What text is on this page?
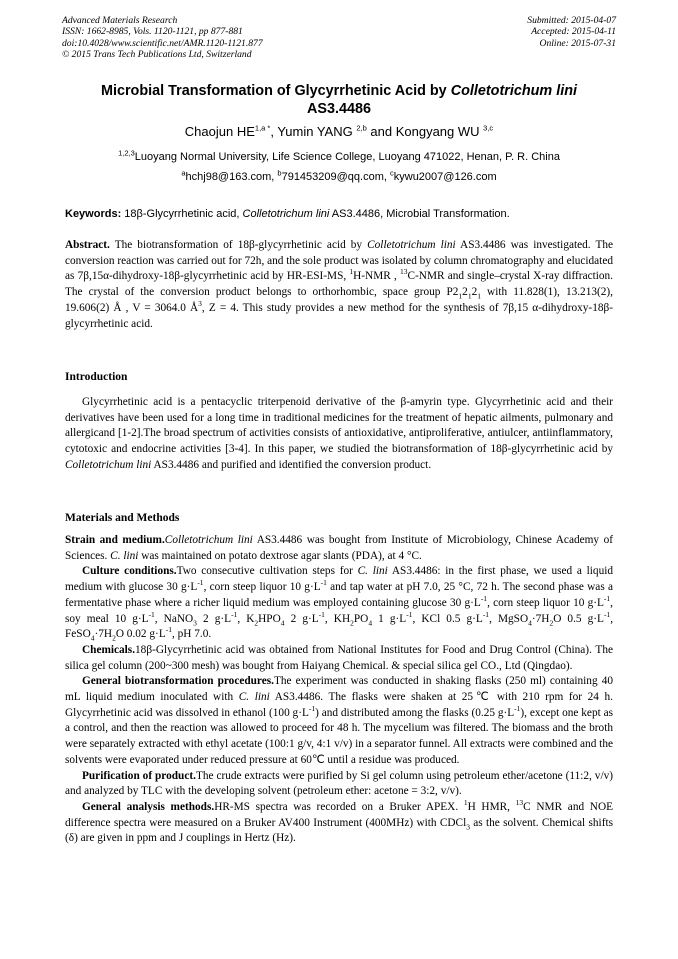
Advanced Materials Research
ISSN: 1662-8985, Vols. 1120-1121, pp 877-881
doi:10.4028/www.scientific.net/AMR.1120-1121.877
© 2015 Trans Tech Publications Ltd, Switzerland
Submitted: 2015-04-07
Accepted: 2015-04-11
Online: 2015-07-31
Microbial Transformation of Glycyrrhetinic Acid by Colletotrichum lini
AS3.4486
Chaojun $HE^{1,a *}$, Yumin YANG $^{2,b}$ and Kongyang WU $^{3,c}$
$^{1,2,3}$Luoyang Normal University, Life Science College, Luoyang 471022, Henan, P. R. China
$^a$hchj98@163.com, $^b$791453209@qq.com, $^c$kywu2007@126.com
Keywords: 18β-Glycyrrhetinic acid, Colletotrichum lini AS3.4486, Microbial Transformation.

Abstract. The biotransformation of 18β-glycyrrhetinic acid by Colletotrichum lini AS3.4486 was investigated. The conversion reaction was carried out for 72h, and the sole product was isolated by column chromatography and elucidated as 7β,15α-dihydroxy-18β-glycyrrhetinic acid by HR-ESI-MS, $^1$H-NMR , $^{13}$C-NMR and single–crystal X-ray diffraction. The crystal of the conversion product belongs to orthorhombic, space group $P2_12_12_1$ with 11.828(1), 13.213(2), 19.606(2) Å , V = 3064.0 $Å^3$, Z = 4. This study provides a new method for the synthesis of 7β,15 α-dihydroxy-18β-glycyrrhetinic acid.

Introduction

Glycyrrhetinic acid is a pentacyclic triterpenoid derivative of the β-amyrin type. Glycyrrhetinic acid and their derivatives have been used for a long time in traditional medicines for the treatment of hepatic ailments, pulmonary and allergicand [1-2].The broad spectrum of activities consists of antioxidative, antiproliferative, antiulcer, antiinflammatory, cytotoxic and endocrine activities [3-4]. In this paper, we studied the biotransformation of 18β-glycyrrhetinic acid by Colletotrichum lini AS3.4486 and purified and identified the conversion product.

Materials and Methods

Strain and medium.Colletotrichum lini AS3.4486 was bought from Institute of Microbiology, Chinese Academy of Sciences. C. lini was maintained on potato dextrose agar slants (PDA), at 4 °C.

Culture conditions.Two consecutive cultivation steps for C. lini AS3.4486: in the first phase, we used a liquid medium with glucose 30 $g\cdot L^{-1}$, corn steep liquor 10 $g\cdot L^{-1}$ and tap water at pH 7.0, 25 °C, 72 h. The second phase was a fermentative phase where a richer liquid medium was employed containing glucose 30 $g\cdot L^{-1}$, corn steep liquor 10 $g\cdot L^{-1}$, soy meal 10 $g\cdot L^{-1}$, NaNO$_3$ 2 $g\cdot L^{-1}$, $K_2HPO_4$ 2 $g\cdot L^{-1}$, $KH_2PO_4$ 1 $g\cdot L^{-1}$, KCl 0.5 $g\cdot L^{-1}$, $MgSO_4\cdot 7H_2O$ 0.5 $g\cdot L^{-1}$, $FeSO_4\cdot 7H_2O$ 0.02 $g\cdot L^{-1}$, pH 7.0.

Chemicals.18β-Glycyrrhetinic acid was obtained from National Institutes for Food and Drug Control (China). The silica gel column (200~300 mesh) was bought from Haiyang Chemical. & special silica gel CO., Ltd (Qingdao).

General biotransformation procedures.The experiment was conducted in shaking flasks (250 ml) containing 40 mL liquid medium inoculated with C. lini AS3.4486. The flasks were shaken at 25℃ with 210 rpm for 24 h. Glycyrrhetinic acid was dissolved in ethanol (100 $g\cdot L^{-1}$) and distributed among the flasks (0.25 $g\cdot L^{-1}$), except one kept as a control, and then the reaction was allowed to proceed for 48 h. The mycelium was filtered. The biomass and the broth were separately extracted with ethyl acetate (100:1 g/v, 4:1 v/v) in a separator funnel. All extracts were combined and the solvents were evaporated under reduced pressure at 60℃ until a residue was produced.

Purification of product.The crude extracts were purified by Si gel column using petroleum ether/acetone (11:2, v/v) and analyzed by TLC with the developing solvent (petroleum ether: acetone = 3:2, v/v).

General analysis methods.HR-MS spectra was recorded on a Bruker APEX. $^1$H HMR, $^{13}$C NMR and NOE difference spectra were measured on a Bruker AV400 Instrument (400MHz) with CDCl$_3$ as the solvent. Chemical shifts (δ) are given in ppm and J couplings in Hertz (Hz).
